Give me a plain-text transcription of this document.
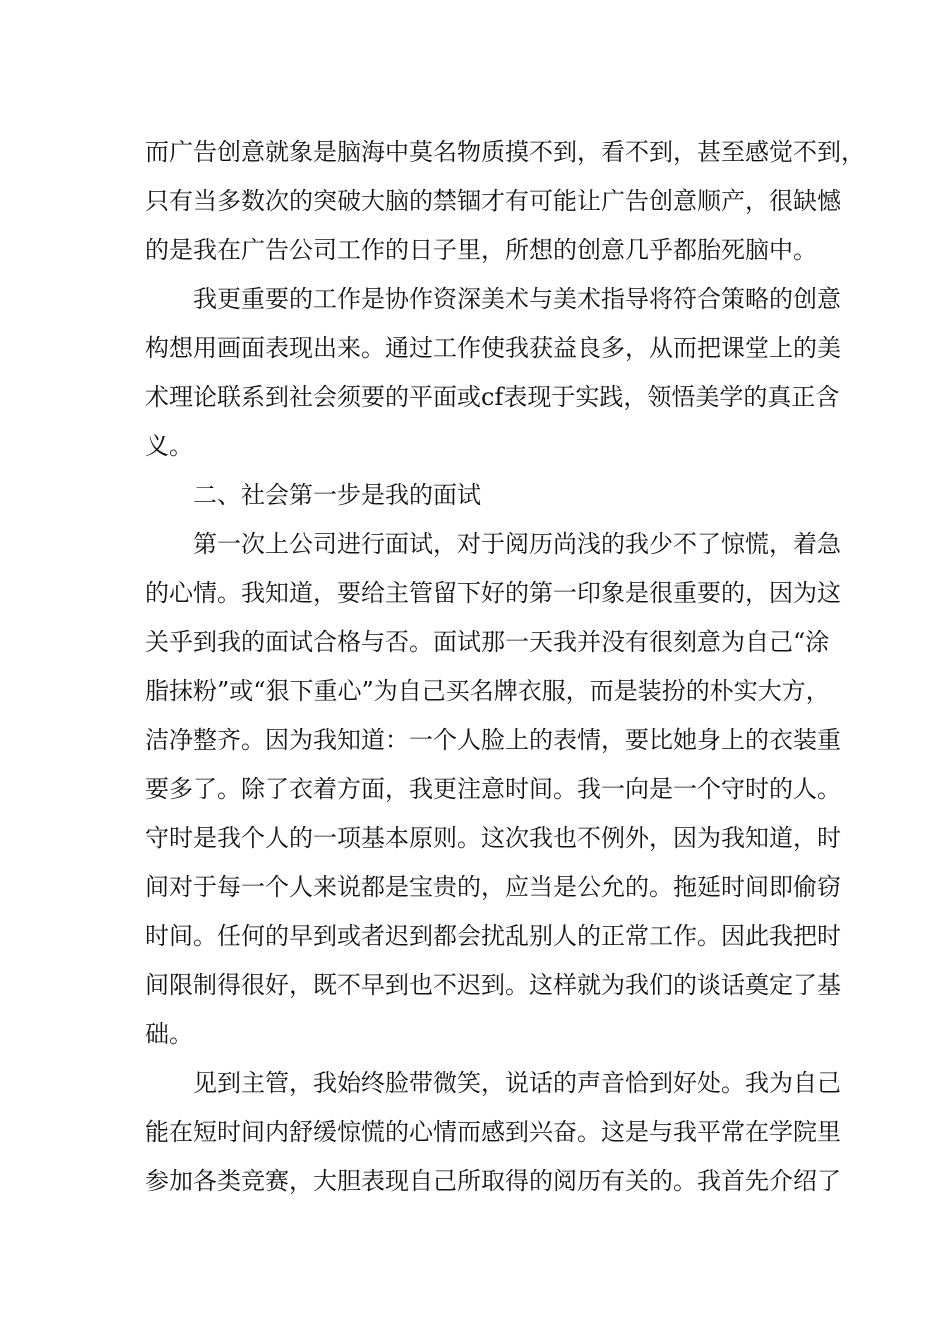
而广告创意就象是脑海中莫名物质摸不到，看不到，甚至感觉不到，
只有当多数次的突破大脑的禁锢才有可能让广告创意顺产，很缺憾
的是我在广告公司工作的日子里，所想的创意几乎都胎死脑中。
我更重要的工作是协作资深美术与美术指导将符合策略的创意
构想用画面表现出来。通过工作使我获益良多，从而把课堂上的美
术理论联系到社会须要的平面或cf表现于实践，领悟美学的真正含
义。
二、社会第一步是我的面试
第一次上公司进行面试，对于阅历尚浅的我少不了惊慌，着急
的心情。我知道，要给主管留下好的第一印象是很重要的，因为这
关乎到我的面试合格与否。面试那一天我并没有很刻意为自己“涂
脂抹粉”或“狠下重心”为自己买名牌衣服，而是装扮的朴实大方，
洁净整齐。因为我知道：一个人脸上的表情，要比她身上的衣装重
要多了。除了衣着方面，我更注意时间。我一向是一个守时的人。
守时是我个人的一项基本原则。这次我也不例外，因为我知道，时
间对于每一个人来说都是宝贵的，应当是公允的。拖延时间即偷窃
时间。任何的早到或者迟到都会扰乱别人的正常工作。因此我把时
间限制得很好，既不早到也不迟到。这样就为我们的谈话奠定了基
础。
见到主管，我始终脸带微笑，说话的声音恰到好处。我为自己
能在短时间内舒缓惊慌的心情而感到兴奋。这是与我平常在学院里
参加各类竞赛，大胆表现自己所取得的阅历有关的。我首先介绍了
